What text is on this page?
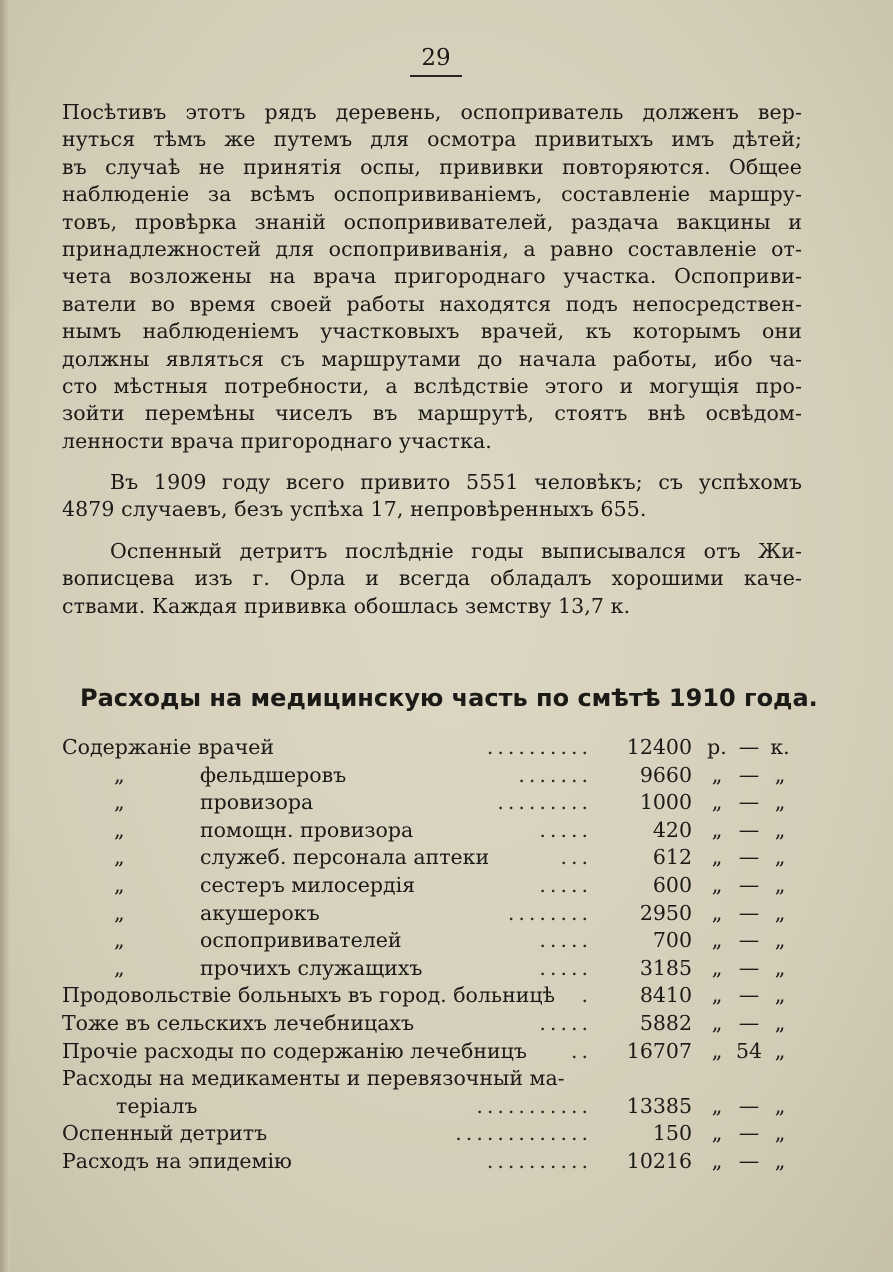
29
Посѣтивъ этотъ рядъ деревень, оспоприватель долженъ вер-
нуться тѣмъ же путемъ для осмотра привитыхъ имъ дѣтей;
въ случаѣ не принятія оспы, прививки повторяются. Общее
наблюденіе за всѣмъ оспопрививаніемъ, составленіе маршру-
товъ, провѣрка знаній оспопрививателей, раздача вакцины и
принадлежностей для оспопрививанія, а равно составленіе от-
чета возложены на врача пригороднаго участка. Оспоприви-
ватели во время своей работы находятся подъ непосредствен-
нымъ наблюденіемъ участковыхъ врачей, къ которымъ они
должны являться съ маршрутами до начала работы, ибо ча-
сто мѣстныя потребности, а вслѣдствіе этого и могущія про-
зойти перемѣны чиселъ въ маршрутѣ, стоятъ внѣ освѣдом-
ленности врача пригороднаго участка.
Въ 1909 году всего привито 5551 человѣкъ; съ успѣхомъ
4879 случаевъ, безъ успѣха 17, непровѣренныхъ 655.
Оспенный детритъ послѣдніе годы выписывался отъ Жи-
вописцева изъ г. Орла и всегда обладалъ хорошими каче-
ствами. Каждая прививка обошлась земству 13,7 к.
Расходы на медицинскую часть по смѣтѣ 1910 года.
Содержаніе врачей	..........	12400 р. — к.
„	фельдшеровъ	.......	9660 „ — „
„	провизора	.........	1000 „ — „
„	помощн. провизора	.....	420 „ — „
„	служеб. персонала аптеки	...	612 „ — „
„	сестеръ милосердія	.....	600 „ — „
„	акушерокъ	........	2950 „ — „
„	оспопрививателей	.....	700 „ — „
„	прочихъ служащихъ	.....	3185 „ — „
Продовольствіе больныхъ въ город. больницѣ	.	8410 „ — „
Тоже въ сельскихъ лечебницахъ	.....	5882 „ — „
Прочіе расходы по содержанію лечебницъ	..	16707 „ 54 „
Расходы на медикаменты и перевязочный ма-
теріалъ	...........	13385 „ — „
Оспенный детритъ	.............	150 „ — „
Расходъ на эпидемію	..........	10216 „ — „
